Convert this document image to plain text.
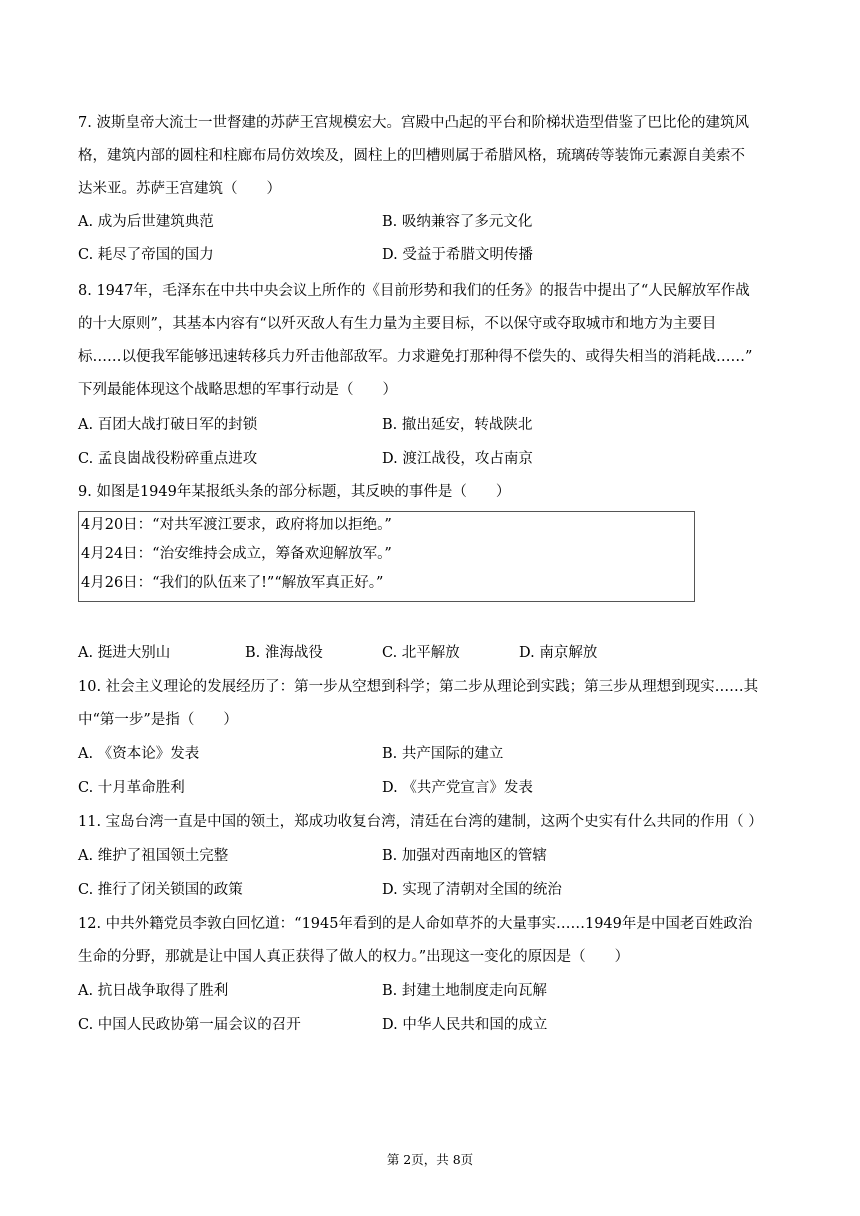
7. 波斯皇帝大流士一世督建的苏萨王宫规模宏大。宫殿中凸起的平台和阶梯状造型借鉴了巴比伦的建筑风
格，建筑内部的圆柱和柱廊布局仿效埃及，圆柱上的凹槽则属于希腊风格，琉璃砖等装饰元素源自美索不
达米亚。苏萨王宫建筑（　　）
A. 成为后世建筑典范	B. 吸纳兼容了多元文化
C. 耗尽了帝国的国力	D. 受益于希腊文明传播
8. 1947年，毛泽东在中共中央会议上所作的《目前形势和我们的任务》的报告中提出了“人民解放军作战
的十大原则”，其基本内容有“以歼灭敌人有生力量为主要目标，不以保守或夺取城市和地方为主要目
标……以便我军能够迅速转移兵力歼击他部敌军。力求避免打那种得不偿失的、或得失相当的消耗战……”
下列最能体现这个战略思想的军事行动是（　　）
A. 百团大战打破日军的封锁	B. 撤出延安，转战陕北
C. 孟良崮战役粉碎重点进攻	D. 渡江战役，攻占南京
9. 如图是1949年某报纸头条的部分标题，其反映的事件是（　　）
4月20日：“对共军渡江要求，政府将加以拒绝。”
4月24日：“治安维持会成立，筹备欢迎解放军。”
4月26日：“我们的队伍来了!”“解放军真正好。”
A. 挺进大别山	B. 淮海战役	C. 北平解放	D. 南京解放
10. 社会主义理论的发展经历了：第一步从空想到科学；第二步从理论到实践；第三步从理想到现实……其
中“第一步”是指（　　）
A. 《资本论》发表	B. 共产国际的建立
C. 十月革命胜利	D. 《共产党宣言》发表
11. 宝岛台湾一直是中国的领土，郑成功收复台湾，清廷在台湾的建制，这两个史实有什么共同的作用（ ）
A. 维护了祖国领土完整	B. 加强对西南地区的管辖
C. 推行了闭关锁国的政策	D. 实现了清朝对全国的统治
12. 中共外籍党员李敦白回忆道：“1945年看到的是人命如草芥的大量事实……1949年是中国老百姓政治
生命的分野，那就是让中国人真正获得了做人的权力。”出现这一变化的原因是（　　）
A. 抗日战争取得了胜利	B. 封建土地制度走向瓦解
C. 中国人民政协第一届会议的召开	D. 中华人民共和国的成立
第 2页，共 8页
